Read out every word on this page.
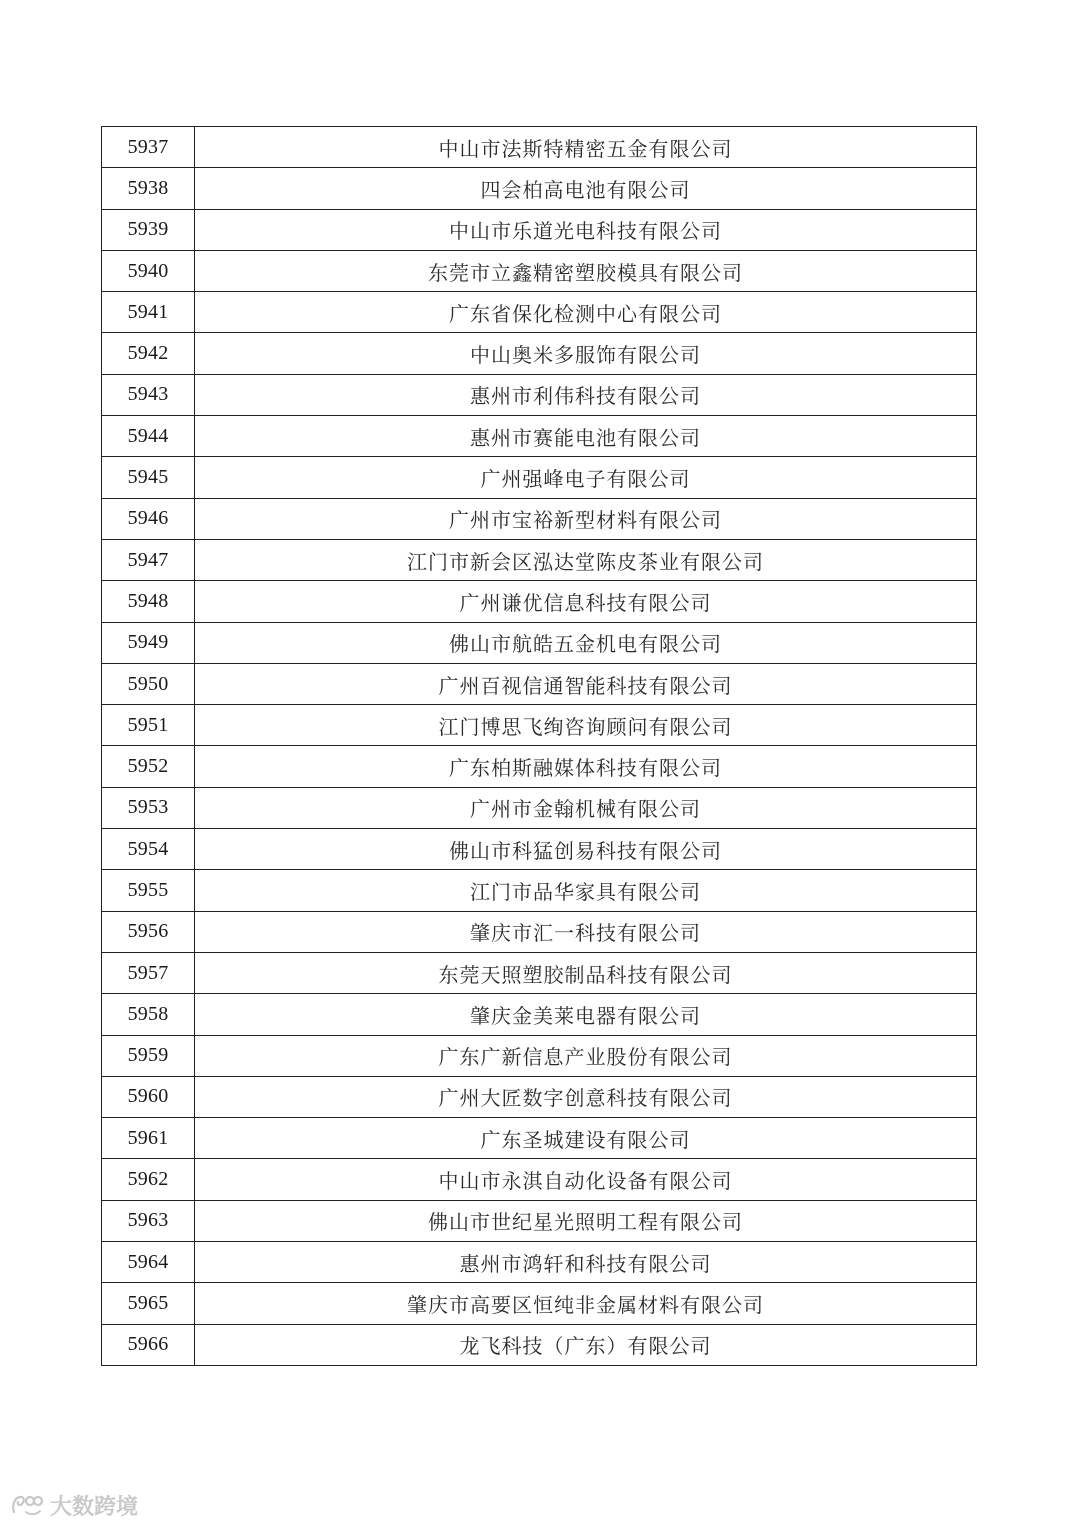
5937	中山市法斯特精密五金有限公司
5938	四会柏高电池有限公司
5939	中山市乐道光电科技有限公司
5940	东莞市立鑫精密塑胶模具有限公司
5941	广东省保化检测中心有限公司
5942	中山奥米多服饰有限公司
5943	惠州市利伟科技有限公司
5944	惠州市赛能电池有限公司
5945	广州强峰电子有限公司
5946	广州市宝裕新型材料有限公司
5947	江门市新会区泓达堂陈皮茶业有限公司
5948	广州谦优信息科技有限公司
5949	佛山市航皓五金机电有限公司
5950	广州百视信通智能科技有限公司
5951	江门博思飞绚咨询顾问有限公司
5952	广东柏斯融媒体科技有限公司
5953	广州市金翰机械有限公司
5954	佛山市科猛创易科技有限公司
5955	江门市品华家具有限公司
5956	肇庆市汇一科技有限公司
5957	东莞天照塑胶制品科技有限公司
5958	肇庆金美莱电器有限公司
5959	广东广新信息产业股份有限公司
5960	广州大匠数字创意科技有限公司
5961	广东圣城建设有限公司
5962	中山市永淇自动化设备有限公司
5963	佛山市世纪星光照明工程有限公司
5964	惠州市鸿轩和科技有限公司
5965	肇庆市高要区恒纯非金属材料有限公司
5966	龙飞科技（广东）有限公司
大数跨境
